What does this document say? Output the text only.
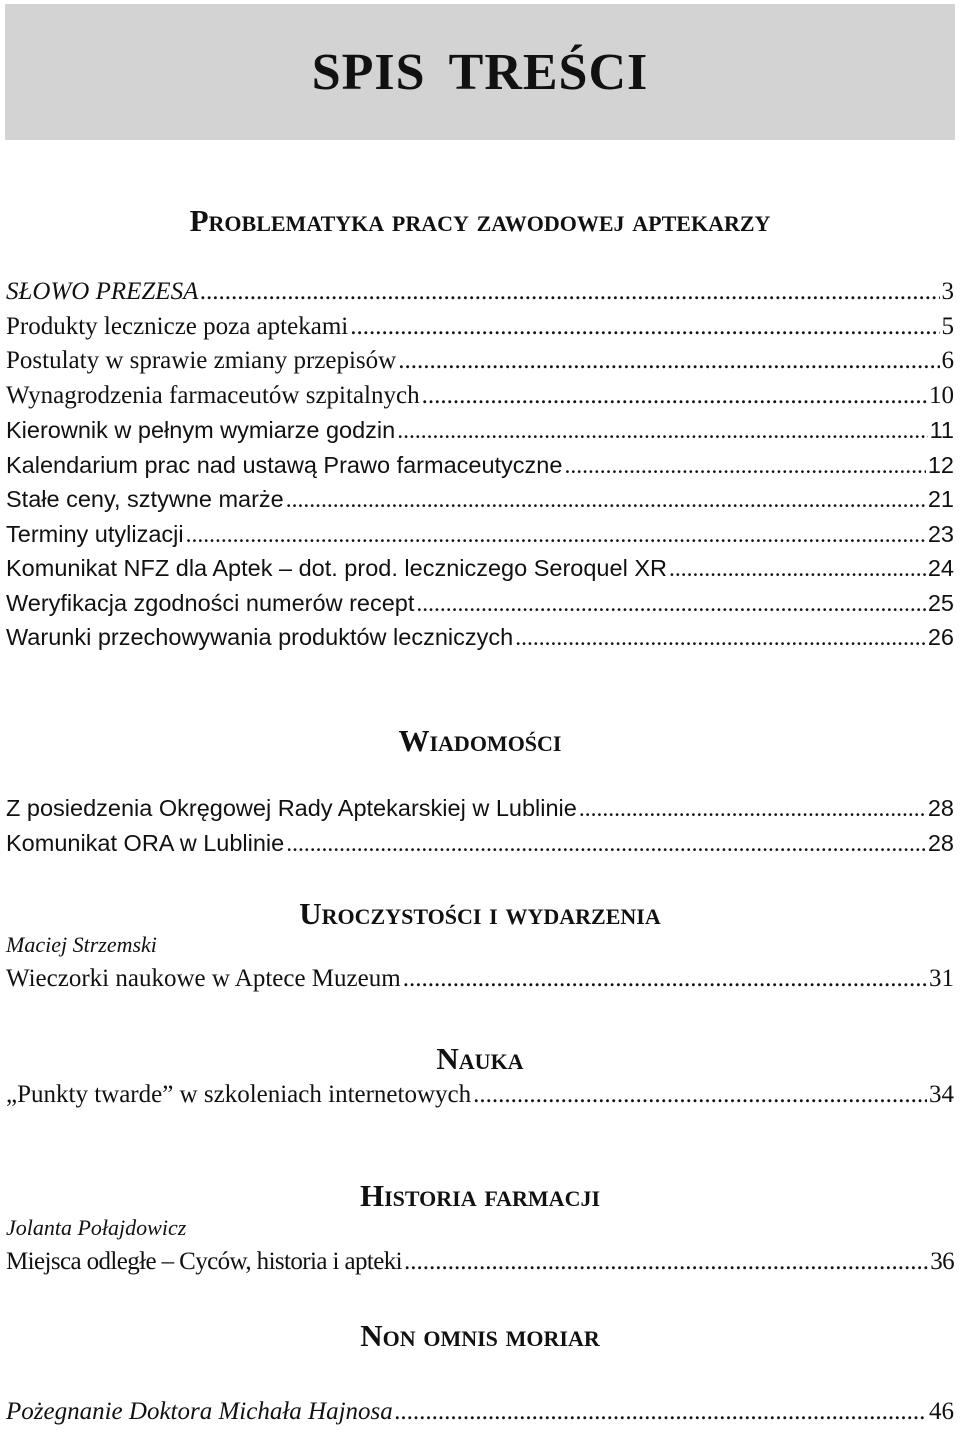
SPIS TREŚCI
Problematyka pracy zawodowej aptekarzy
SŁOWO PREZESA .....	3
Produkty lecznicze poza aptekami .....	5
Postulaty w sprawie zmiany przepisów .....	6
Wynagrodzenia farmaceutów szpitalnych .....	10
Kierownik w pełnym wymiarze godzin .....	11
Kalendarium prac nad ustawą Prawo farmaceutyczne .....	12
Stałe ceny, sztywne marże .....	21
Terminy utylizacji .....	23
Komunikat NFZ dla Aptek – dot. prod. leczniczego Seroquel XR .....	24
Weryfikacja zgodności numerów recept .....	25
Warunki przechowywania produktów leczniczych .....	26
Wiadomości
Z posiedzenia Okręgowej Rady Aptekarskiej w Lublinie .....	28
Komunikat ORA w Lublinie .....	28
Uroczystości i wydarzenia

Maciej Strzemski

Wieczorki naukowe w Aptece Muzeum .....	31
Nauka
„Punkty twarde” w szkoleniach internetowych .....	34
Historia farmacji

Jolanta Połajdowicz

Miejsca odległe – Cyców, historia i apteki .....	36
Non omnis moriar
Pożegnanie Doktora Michała Hajnosa .....	46
